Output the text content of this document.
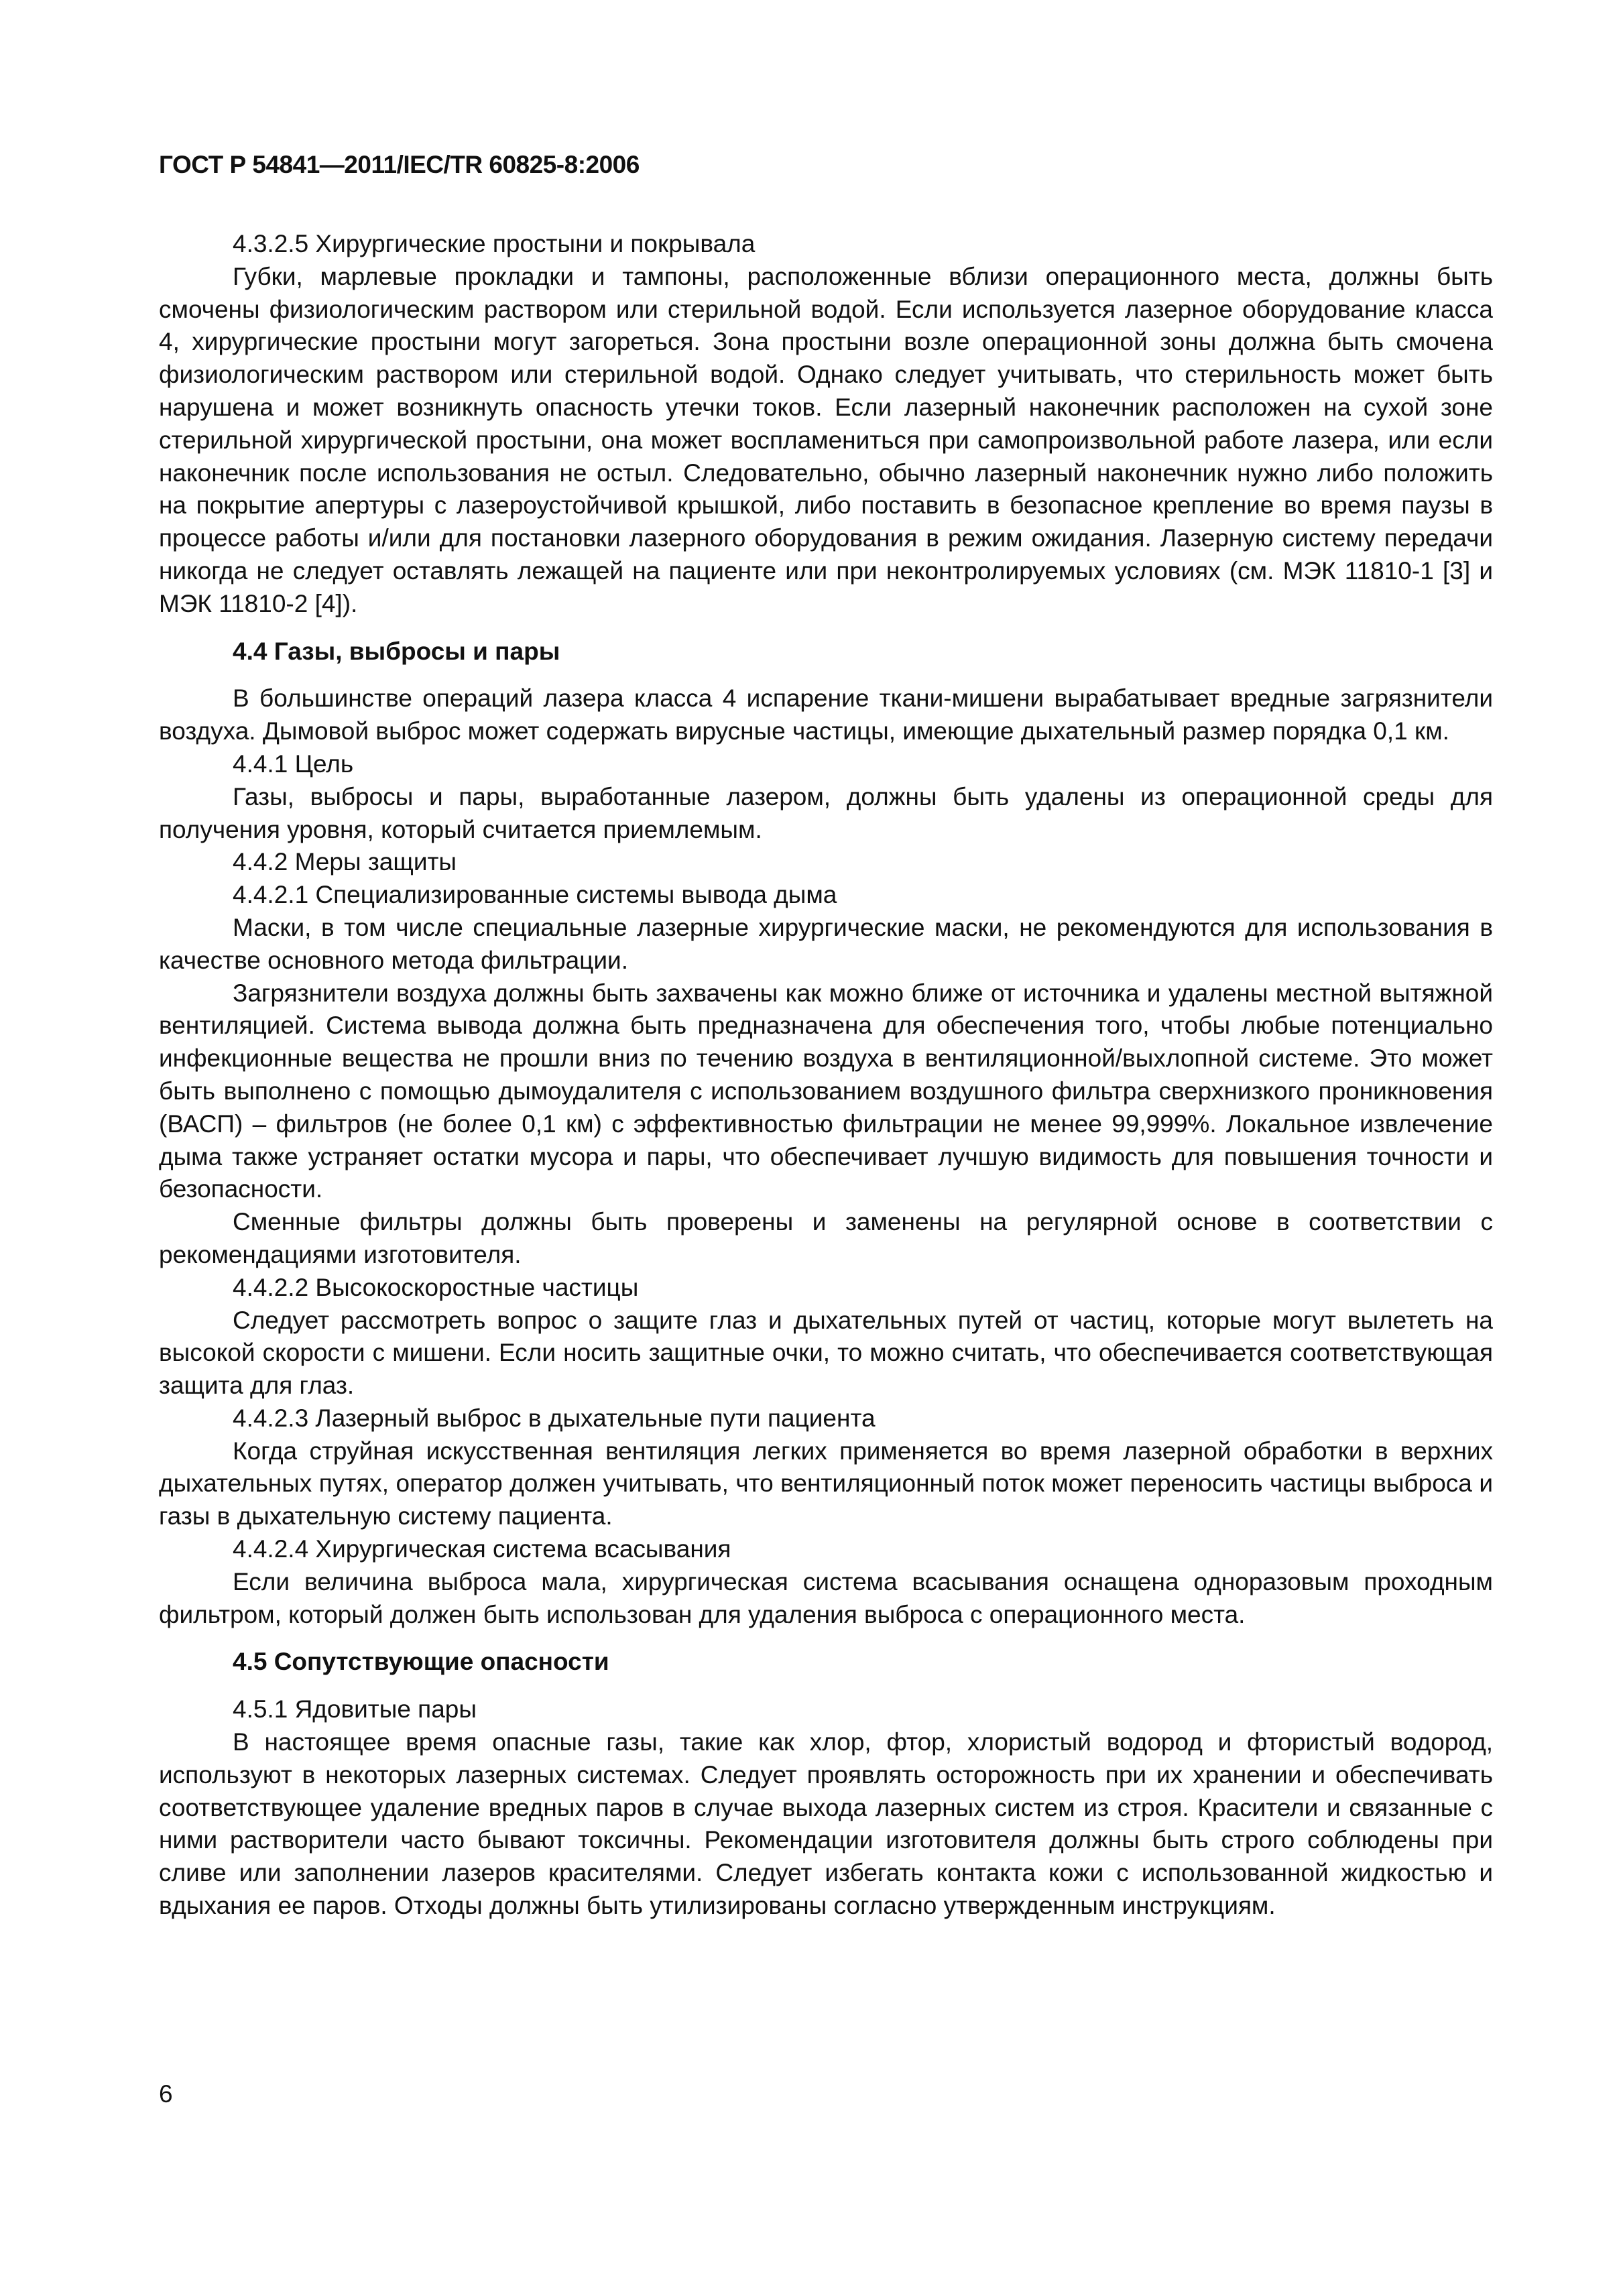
ГОСТ Р 54841—2011/IEC/TR 60825-8:2006

4.3.2.5 Хирургические простыни и покрывала

Губки, марлевые прокладки и тампоны, расположенные вблизи операционного места, должны быть смочены физиологическим раствором или стерильной водой. Если используется лазерное оборудование класса 4, хирургические простыни могут загореться. Зона простыни возле операционной зоны должна быть смочена физиологическим раствором или стерильной водой. Однако следует учитывать, что стерильность может быть нарушена и может возникнуть опасность утечки токов. Если лазерный наконечник расположен на сухой зоне стерильной хирургической простыни, она может воспламениться при самопроизвольной работе лазера, или если наконечник после использования не остыл. Следовательно, обычно лазерный наконечник нужно либо положить на покрытие апертуры с лазероустойчивой крышкой, либо поставить в безопасное крепление во время паузы в процессе работы и/или для постановки лазерного оборудования в режим ожидания. Лазерную систему передачи никогда не следует оставлять лежащей на пациенте или при неконтролируемых условиях (см. МЭК 11810-1 [3] и МЭК 11810-2 [4]).

4.4 Газы, выбросы и пары

В большинстве операций лазера класса 4 испарение ткани-мишени вырабатывает вредные загрязнители воздуха. Дымовой выброс может содержать вирусные частицы, имеющие дыхательный размер порядка 0,1 км.

4.4.1 Цель

Газы, выбросы и пары, выработанные лазером, должны быть удалены из операционной среды для получения уровня, который считается приемлемым.

4.4.2 Меры защиты

4.4.2.1 Специализированные системы вывода дыма

Маски, в том числе специальные лазерные хирургические маски, не рекомендуются для использования в качестве основного метода фильтрации.

Загрязнители воздуха должны быть захвачены как можно ближе от источника и удалены местной вытяжной вентиляцией. Система вывода должна быть предназначена для обеспечения того, чтобы любые потенциально инфекционные вещества не прошли вниз по течению воздуха в вентиляционной/выхлопной системе. Это может быть выполнено с помощью дымоудалителя с использованием воздушного фильтра сверхнизкого проникновения (ВАСП) – фильтров (не более 0,1 км) с эффективностью фильтрации не менее 99,999%. Локальное извлечение дыма также устраняет остатки мусора и пары, что обеспечивает лучшую видимость для повышения точности и безопасности.

Сменные фильтры должны быть проверены и заменены на регулярной основе в соответствии с рекомендациями изготовителя.

4.4.2.2 Высокоскоростные частицы

Следует рассмотреть вопрос о защите глаз и дыхательных путей от частиц, которые могут вылететь на высокой скорости с мишени. Если носить защитные очки, то можно считать, что обеспечивается соответствующая защита для глаз.

4.4.2.3 Лазерный выброс в дыхательные пути пациента

Когда струйная искусственная вентиляция легких применяется во время лазерной обработки в верхних дыхательных путях, оператор должен учитывать, что вентиляционный поток может переносить частицы выброса и газы в дыхательную систему пациента.

4.4.2.4 Хирургическая система всасывания

Если величина выброса мала, хирургическая система всасывания оснащена одноразовым проходным фильтром, который должен быть использован для удаления выброса с операционного места.

4.5 Сопутствующие опасности

4.5.1 Ядовитые пары

В настоящее время опасные газы, такие как хлор, фтор, хлористый водород и фтористый водород, используют в некоторых лазерных системах. Следует проявлять осторожность при их хранении и обеспечивать соответствующее удаление вредных паров в случае выхода лазерных систем из строя. Красители и связанные с ними растворители часто бывают токсичны. Рекомендации изготовителя должны быть строго соблюдены при сливе или заполнении лазеров красителями. Следует избегать контакта кожи с использованной жидкостью и вдыхания ее паров. Отходы должны быть утилизированы согласно утвержденным инструкциям.

6
